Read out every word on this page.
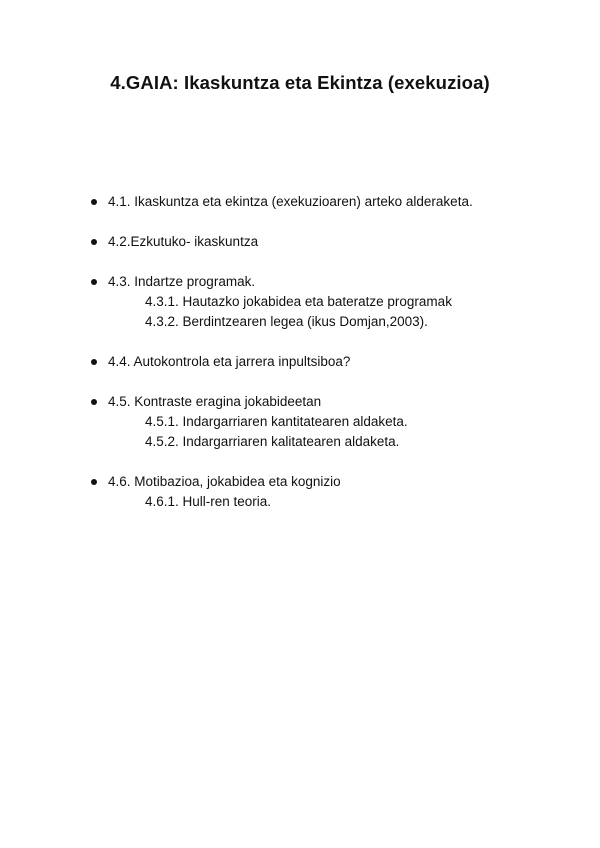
4.GAIA: Ikaskuntza eta Ekintza (exekuzioa)
4.1. Ikaskuntza eta ekintza (exekuzioaren) arteko alderaketa.
4.2.Ezkutuko- ikaskuntza
4.3. Indartze programak.
4.3.1. Hautazko jokabidea eta bateratze programak
4.3.2. Berdintzearen legea (ikus Domjan,2003).
4.4. Autokontrola eta jarrera inpultsiboa?
4.5. Kontraste eragina jokabideetan
4.5.1. Indargarriaren kantitatearen aldaketa.
4.5.2. Indargarriaren kalitatearen aldaketa.
4.6. Motibazioa, jokabidea eta kognizio
4.6.1. Hull-ren teoria.
